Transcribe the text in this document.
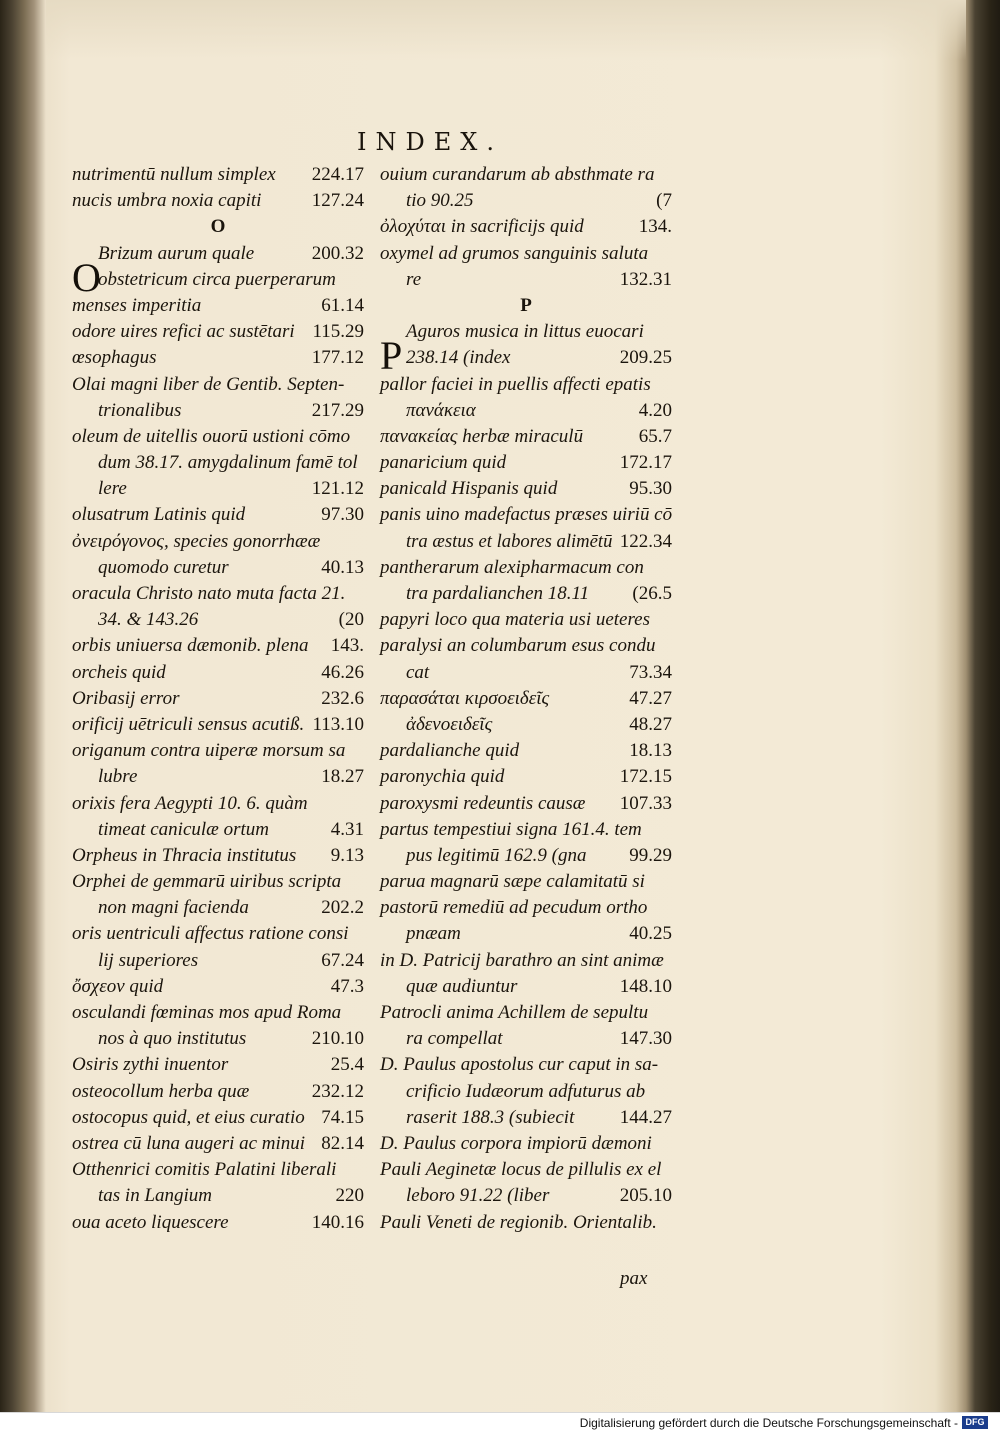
INDEX.
O
P
nutrimentū nullum simplex 224.17
nucis umbra noxia capiti	127.24
O
Brizum aurum quale	200.32
obstetricum circa puerperarum
menses imperitia	61.14
odore uires refici ac sustētari 115.29
œsophagus	177.12
Olai magni liber de Gentib. Septen-
trionalibus	217.29
oleum de uitellis ouorū ustioni cōmo
dum 38.17. amygdalinum famē tol
lere	121.12
olusatrum Latinis quid	97.30
ὀνειρόγονος, species gonorrhææ
quomodo curetur	40.13
oracula Christo nato muta facta 21.
34. & 143.26	(20
orbis uniuersa dæmonib. plena 143.
orcheis quid	46.26
Oribasij error	232.6
orificij uētriculi sensus acutiß. 113.10
origanum contra uiperæ morsum sa
lubre	18.27
orixis fera Aegypti 10. 6. quàm
timeat caniculæ ortum	4.31
Orpheus in Thracia institutus 9.13
Orphei de gemmarū uiribus scripta
non magni facienda	202.2
oris uentriculi affectus ratione consi
lij superiores	67.24
ὄσχεον quid	47.3
osculandi fœminas mos apud Roma
nos à quo institutus	210.10
Osiris zythi inuentor	25.4
osteocollum herba quæ	232.12
ostocopus quid, et eius curatio 74.15
ostrea cū luna augeri ac minui 82.14
Otthenrici comitis Palatini liberali
tas in Langium	220
oua aceto liquescere	140.16
ouium curandarum ab absthmate ra
tio 90.25	(7
ὀλοχύται in sacrificijs quid	134.
oxymel ad grumos sanguinis saluta
re	132.31
P
Aguros musica in littus euocari
238.14 (index	209.25
pallor faciei in puellis affecti epatis
πανάκεια	4.20
πανακείας herbæ miraculū	65.7
panaricium quid	172.17
panicald Hispanis quid	95.30
panis uino madefactus præses uiriū cō
tra æstus et labores alimētū 122.34
pantherarum alexipharmacum con
tra pardalianchen 18.11 (26.5
papyri loco qua materia usi ueteres
paralysi an columbarum esus condu
cat	73.34
παρασάται κιρσοειδεῖς	47.27
ἀδενοειδεῖς	48.27
pardalianche quid	18.13
paronychia quid	172.15
paroxysmi redeuntis causæ 107.33
partus tempestiui signa 161.4. tem
pus legitimū 162.9 (gna 99.29
parua magnarū sæpe calamitatū si
pastorū remediū ad pecudum ortho
pnæam	40.25
in D. Patricij barathro an sint animæ
quæ audiuntur	148.10
Patrocli anima Achillem de sepultu
ra compellat	147.30
D. Paulus apostolus cur caput in sa-
crificio Iudæorum adfuturus ab
raserit 188.3 (subiecit 144.27
D. Paulus corpora impiorū dæmoni
Pauli Aeginetæ locus de pillulis ex el
leboro 91.22 (liber	205.10
Pauli Veneti de regionib. Orientalib.
pax
Digitalisierung gefördert durch die Deutsche Forschungsgemeinschaft - DFG
